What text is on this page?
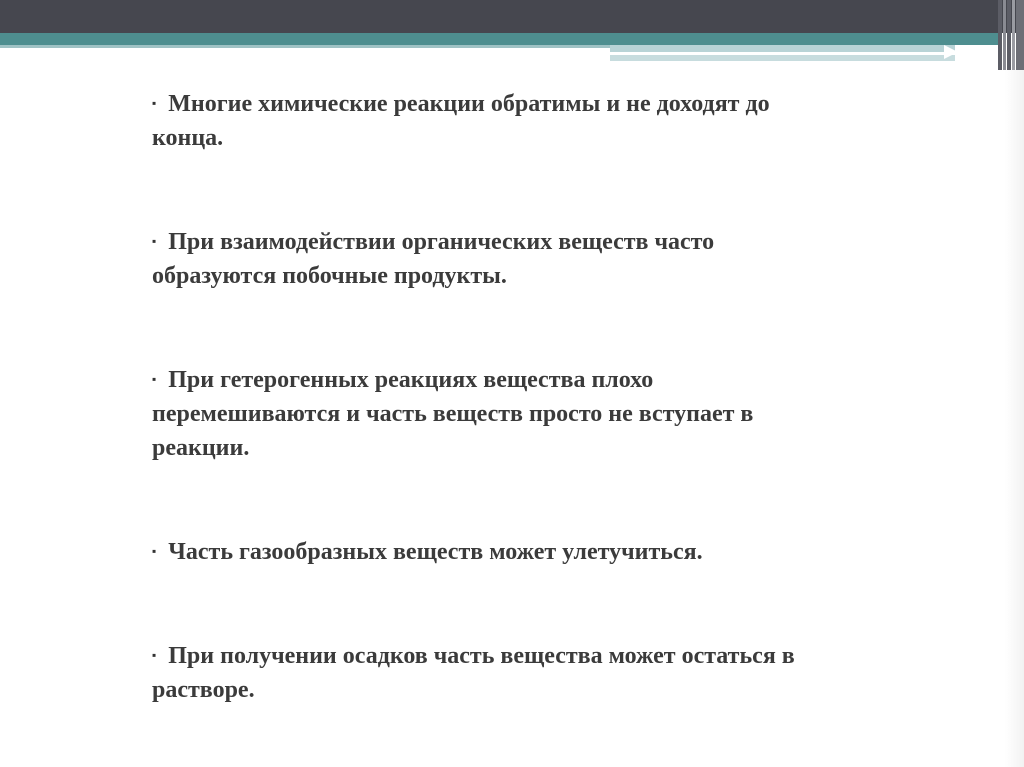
▪ Многие химические реакции обратимы и не доходят до конца.
▪ При взаимодействии органических веществ часто образуются побочные продукты.
▪ При гетерогенных реакциях вещества плохо перемешиваются и часть веществ просто не вступает в реакции.
▪ Часть газообразных веществ может улетучиться.
▪ При получении осадков часть вещества может остаться в растворе.
